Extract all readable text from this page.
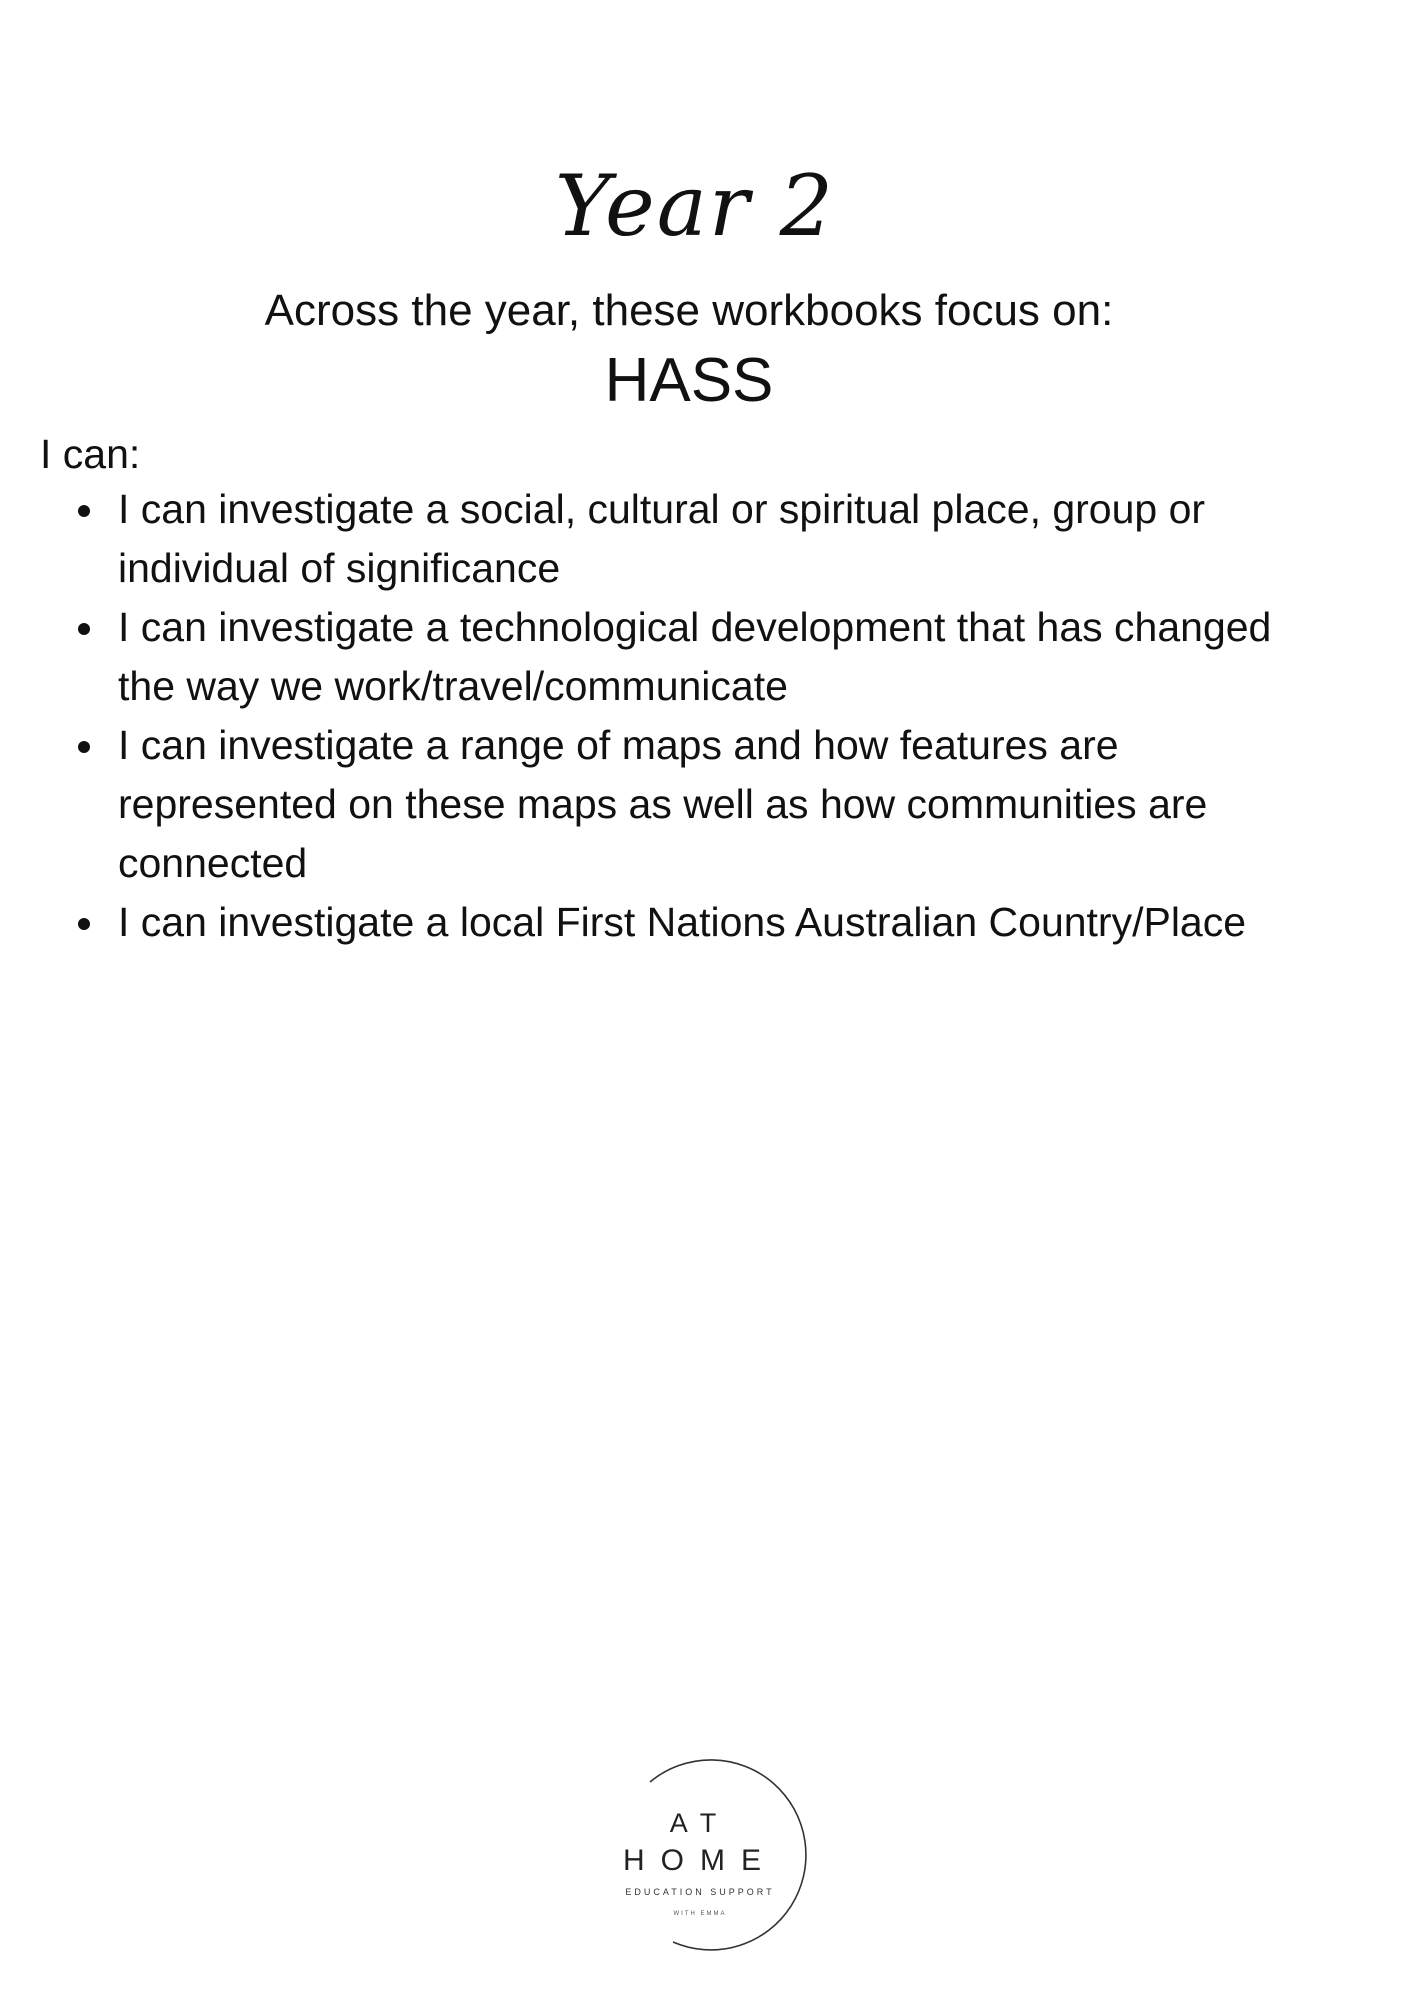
Year 2
Across the year, these workbooks focus on:
HASS
I can:
I can investigate a social, cultural or spiritual place, group or individual of significance
I can investigate a technological development that has changed the way we work/travel/communicate
I can investigate a range of maps and how features are represented on these maps as well as how communities are connected
I can investigate a local First Nations Australian Country/Place
AT
HOME
EDUCATION SUPPORT
WITH EMMA
